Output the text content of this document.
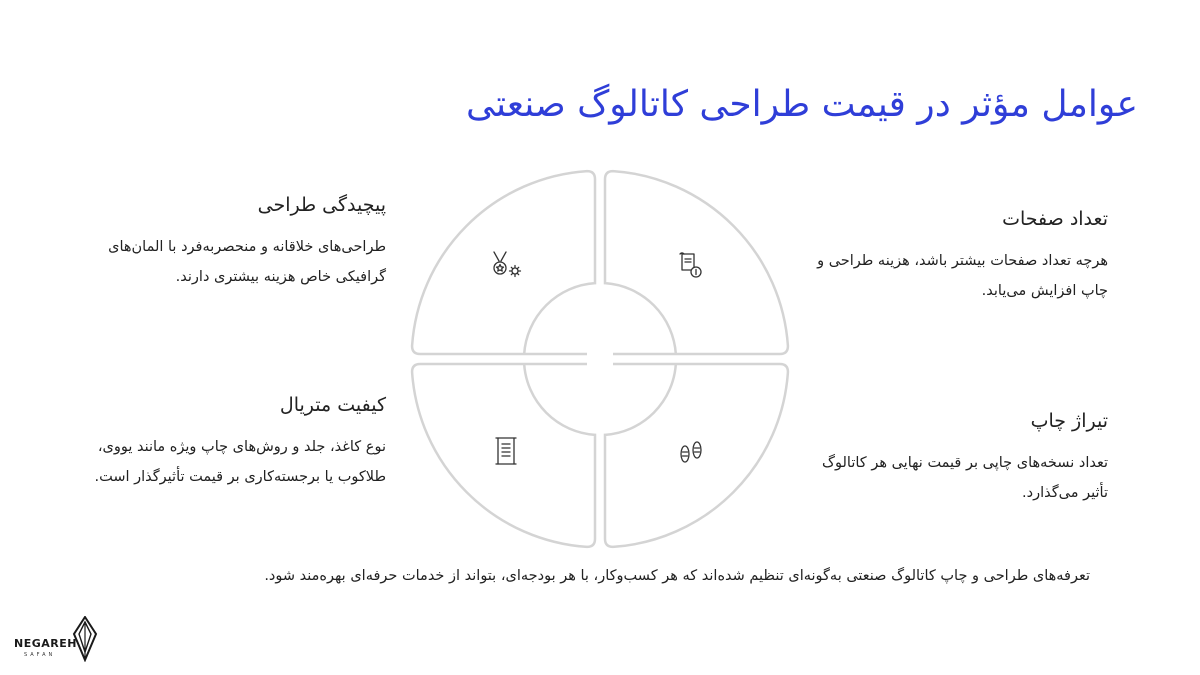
عوامل مؤثر در قیمت طراحی کاتالوگ صنعتی
تعداد صفحات
هرچه تعداد صفحات بیشتر باشد، هزینه طراحی و چاپ افزایش می‌یابد.
پیچیدگی طراحی
طراحی‌های خلاقانه و منحصربه‌فرد با المان‌های گرافیکی خاص هزینه بیشتری دارند.
تیراژ چاپ
تعداد نسخه‌های چاپی بر قیمت نهایی هر کاتالوگ تأثیر می‌گذارد.
کیفیت متریال
نوع کاغذ، جلد و روش‌های چاپ ویژه مانند یووی، طلاکوب یا برجسته‌کاری بر قیمت تأثیرگذار است.
تعرفه‌های طراحی و چاپ کاتالوگ صنعتی به‌گونه‌ای تنظیم شده‌اند که هر کسب‌وکار، با هر بودجه‌ای، بتواند از خدمات حرفه‌ای بهره‌مند شود.
NEGAREH
SAFAN
